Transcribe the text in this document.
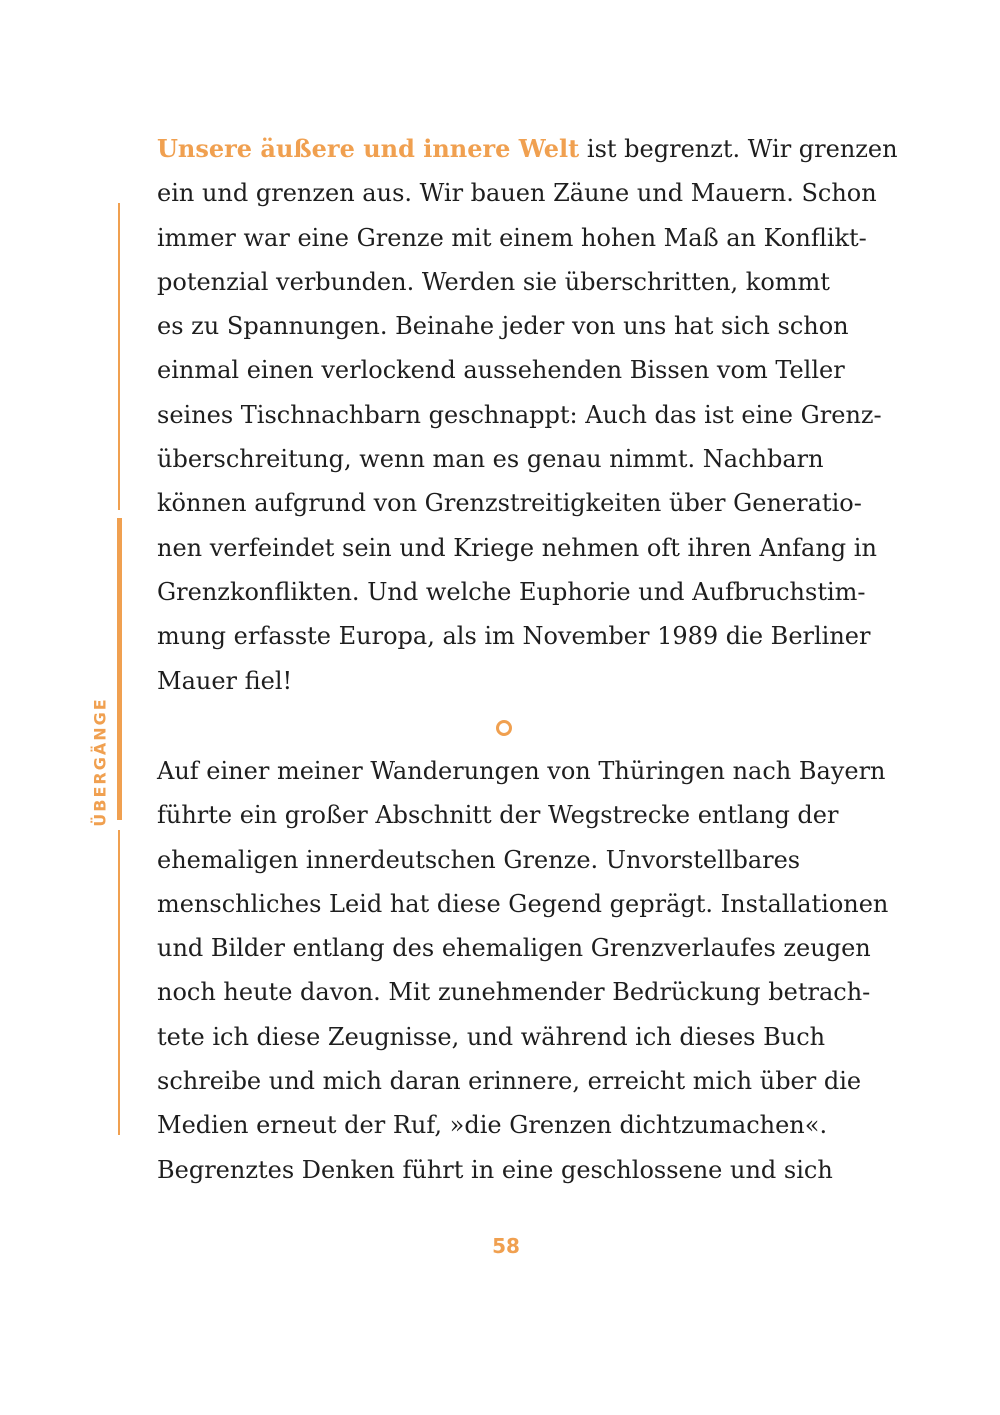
ÜBERGÄNGE
Unsere äußere und innere Welt ist begrenzt. Wir grenzen
ein und grenzen aus. Wir bauen Zäune und Mauern. Schon
immer war eine Grenze mit einem hohen Maß an Konflikt-
potenzial verbunden. Werden sie überschritten, kommt
es zu Spannungen. Beinahe jeder von uns hat sich schon
einmal einen verlockend aussehenden Bissen vom Teller
seines Tischnachbarn geschnappt: Auch das ist eine Grenz-
überschreitung, wenn man es genau nimmt. Nachbarn
können aufgrund von Grenzstreitigkeiten über Generatio-
nen verfeindet sein und Kriege nehmen oft ihren Anfang in
Grenzkonflikten. Und welche Euphorie und Aufbruchstim-
mung erfasste Europa, als im November 1989 die Berliner
Mauer fiel!
Auf einer meiner Wanderungen von Thüringen nach Bayern
führte ein großer Abschnitt der Wegstrecke entlang der
ehemaligen innerdeutschen Grenze. Unvorstellbares
menschliches Leid hat diese Gegend geprägt. Installationen
und Bilder entlang des ehemaligen Grenzverlaufes zeugen
noch heute davon. Mit zunehmender Bedrückung betrach-
tete ich diese Zeugnisse, und während ich dieses Buch
schreibe und mich daran erinnere, erreicht mich über die
Medien erneut der Ruf, »die Grenzen dichtzumachen«.
Begrenztes Denken führt in eine geschlossene und sich
58
